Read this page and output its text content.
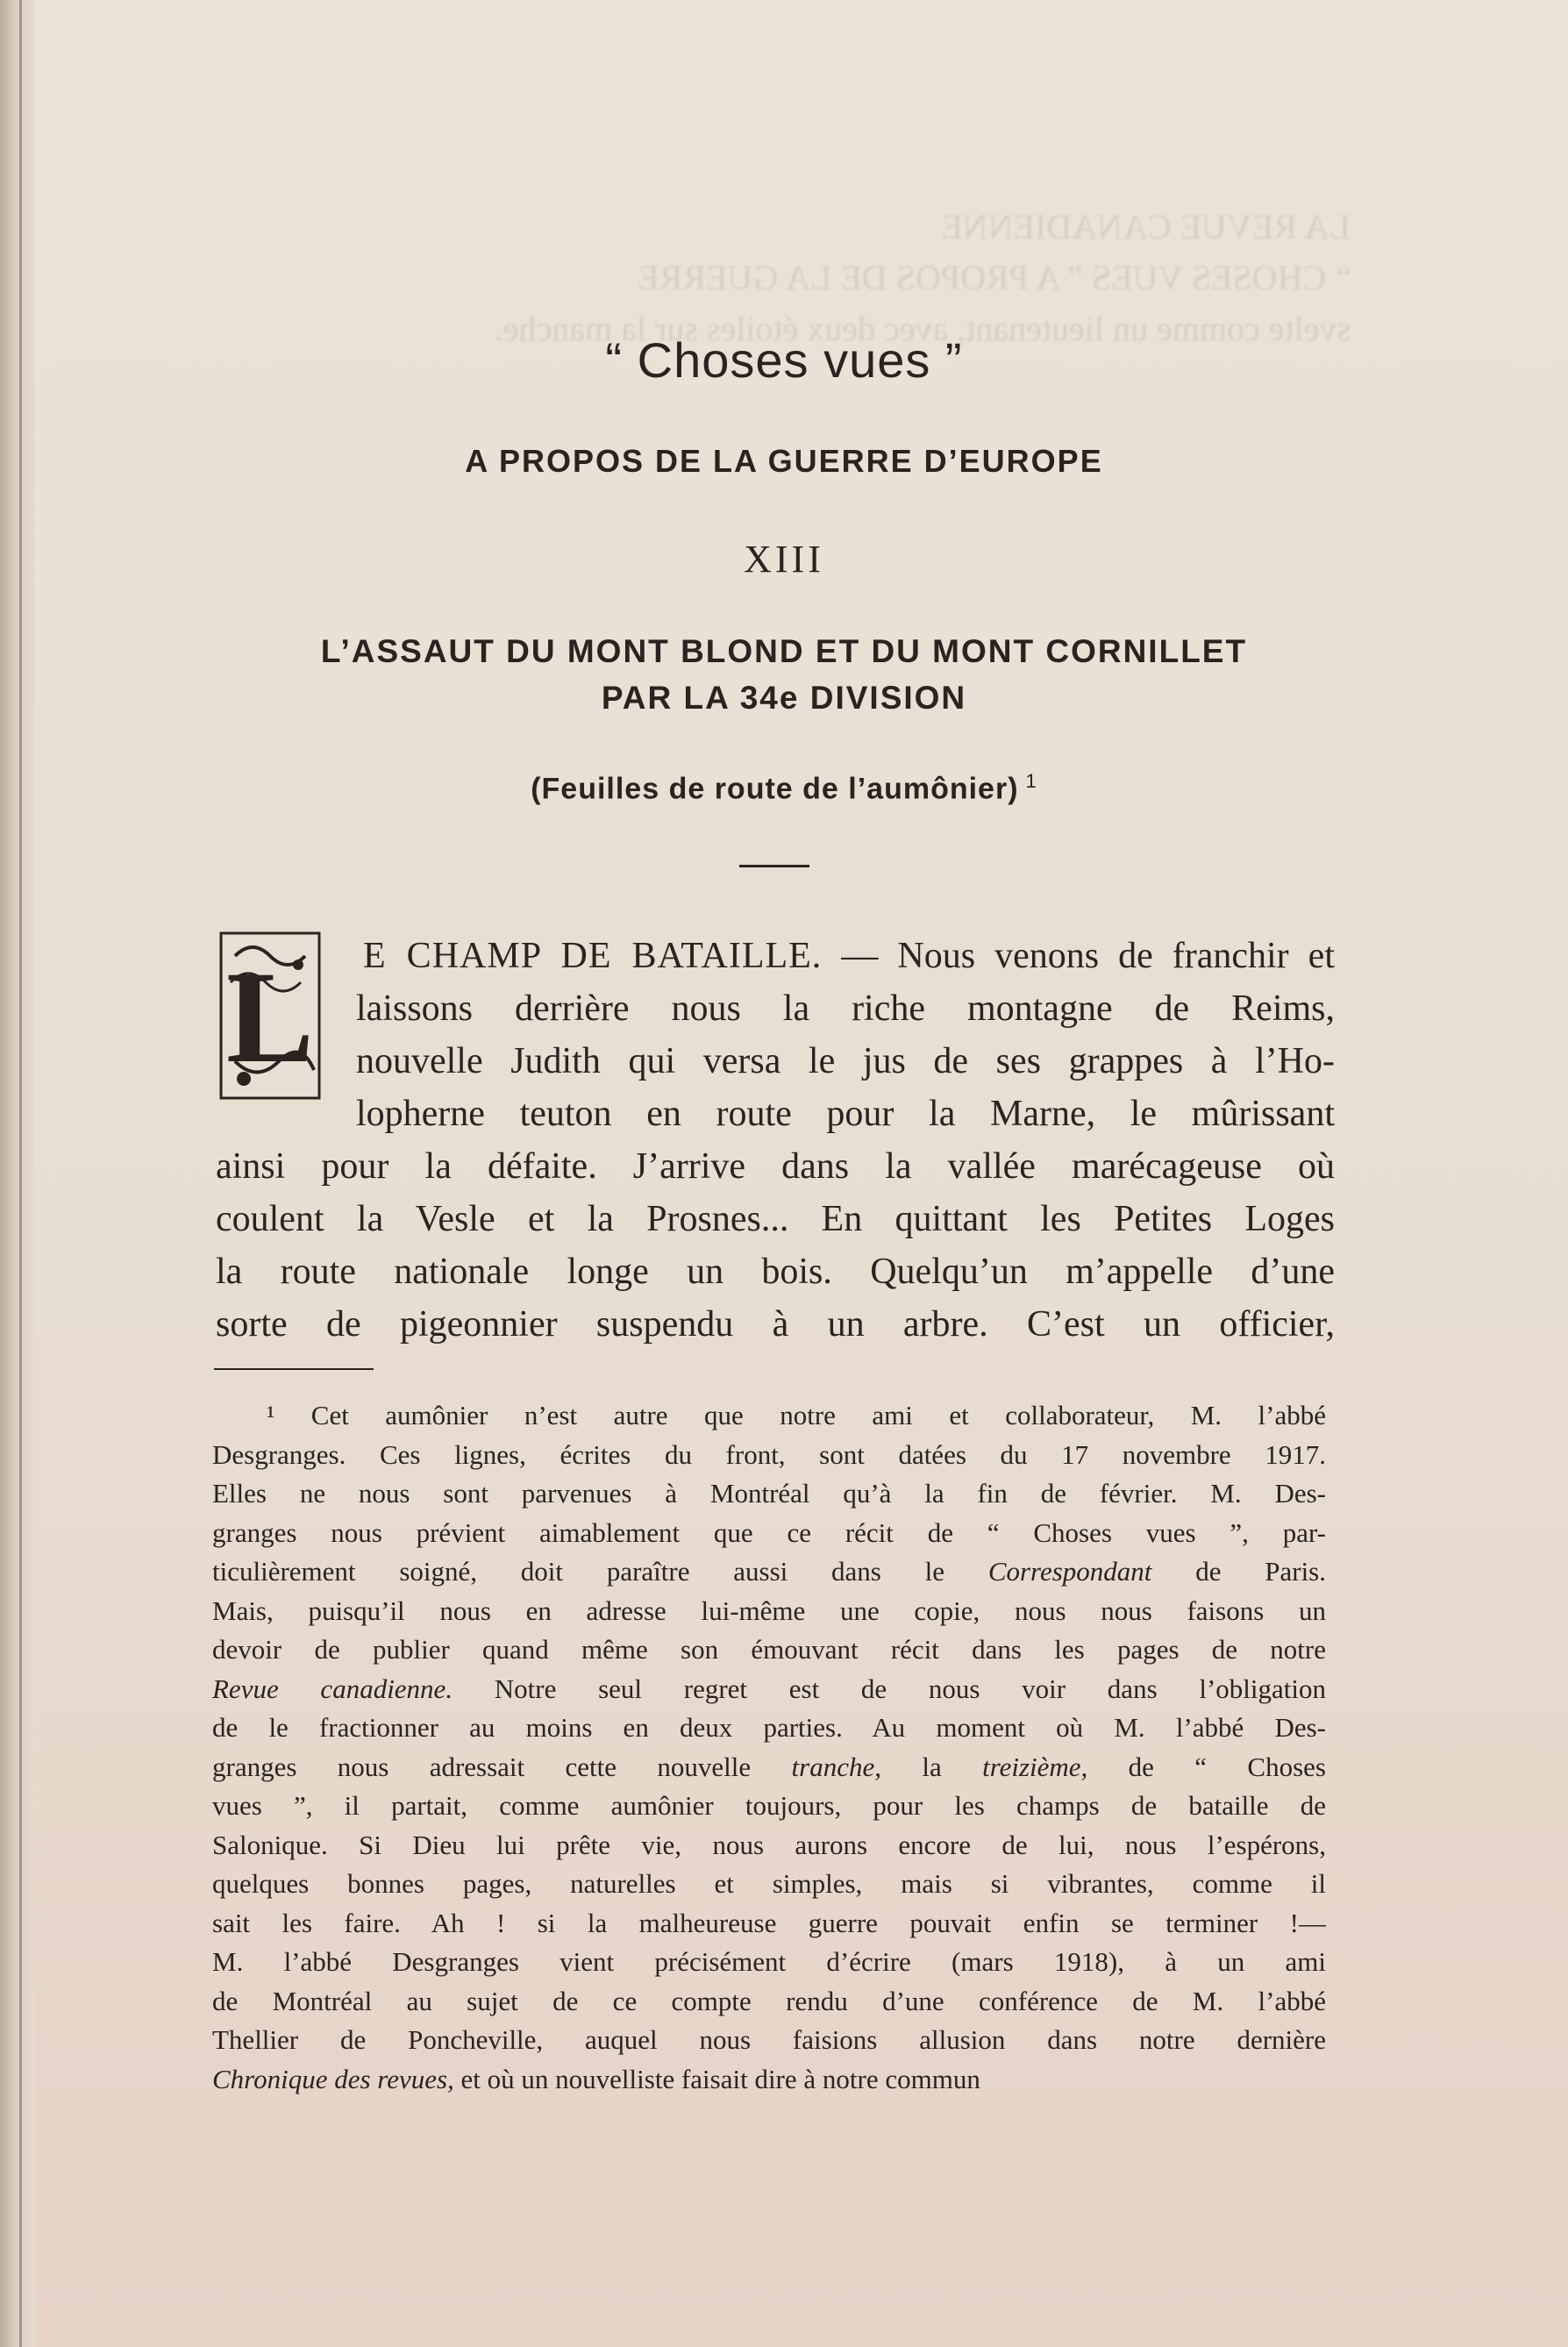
LA REVUE CANADIENNE
“ CHOSES VUES ” A PROPOS DE LA GUERRE
svelte comme un lieutenant, avec deux étoiles sur la manche.
“ Choses vues ”
A PROPOS DE LA GUERRE D’EUROPE
XIII
L’ASSAUT DU MONT BLOND ET DU MONT CORNILLET
PAR LA 34e DIVISION
(Feuilles de route de l’aumônier) $^1$
L	E CHAMP DE BATAILLE. — Nous venons de franchir et
laissons derrière nous la riche montagne de Reims,
nouvelle Judith qui versa le jus de ses grappes à l’Ho-
lopherne teuton en route pour la Marne, le mûrissant
ainsi pour la défaite. J’arrive dans la vallée marécageuse où
coulent la Vesle et la Prosnes... En quittant les Petites Loges
la route nationale longe un bois. Quelqu’un m’appelle d’une
sorte de pigeonnier suspendu à un arbre. C’est un officier,
¹ Cet aumônier n’est autre que notre ami et collaborateur, M. l’abbé
Desgranges. Ces lignes, écrites du front, sont datées du 17 novembre 1917.
Elles ne nous sont parvenues à Montréal qu’à la fin de février. M. Des-
granges nous prévient aimablement que ce récit de “ Choses vues ”, par-
ticulièrement soigné, doit paraître aussi dans le Correspondant de Paris.
Mais, puisqu’il nous en adresse lui-même une copie, nous nous faisons un
devoir de publier quand même son émouvant récit dans les pages de notre
Revue canadienne. Notre seul regret est de nous voir dans l’obligation
de le fractionner au moins en deux parties. Au moment où M. l’abbé Des-
granges nous adressait cette nouvelle tranche, la treizième, de “ Choses
vues ”, il partait, comme aumônier toujours, pour les champs de bataille de
Salonique. Si Dieu lui prête vie, nous aurons encore de lui, nous l’espérons,
quelques bonnes pages, naturelles et simples, mais si vibrantes, comme il
sait les faire. Ah ! si la malheureuse guerre pouvait enfin se terminer !—
M. l’abbé Desgranges vient précisément d’écrire (mars 1918), à un ami
de Montréal au sujet de ce compte rendu d’une conférence de M. l’abbé
Thellier de Poncheville, auquel nous faisions allusion dans notre dernière
Chronique des revues, et où un nouvelliste faisait dire à notre commun
